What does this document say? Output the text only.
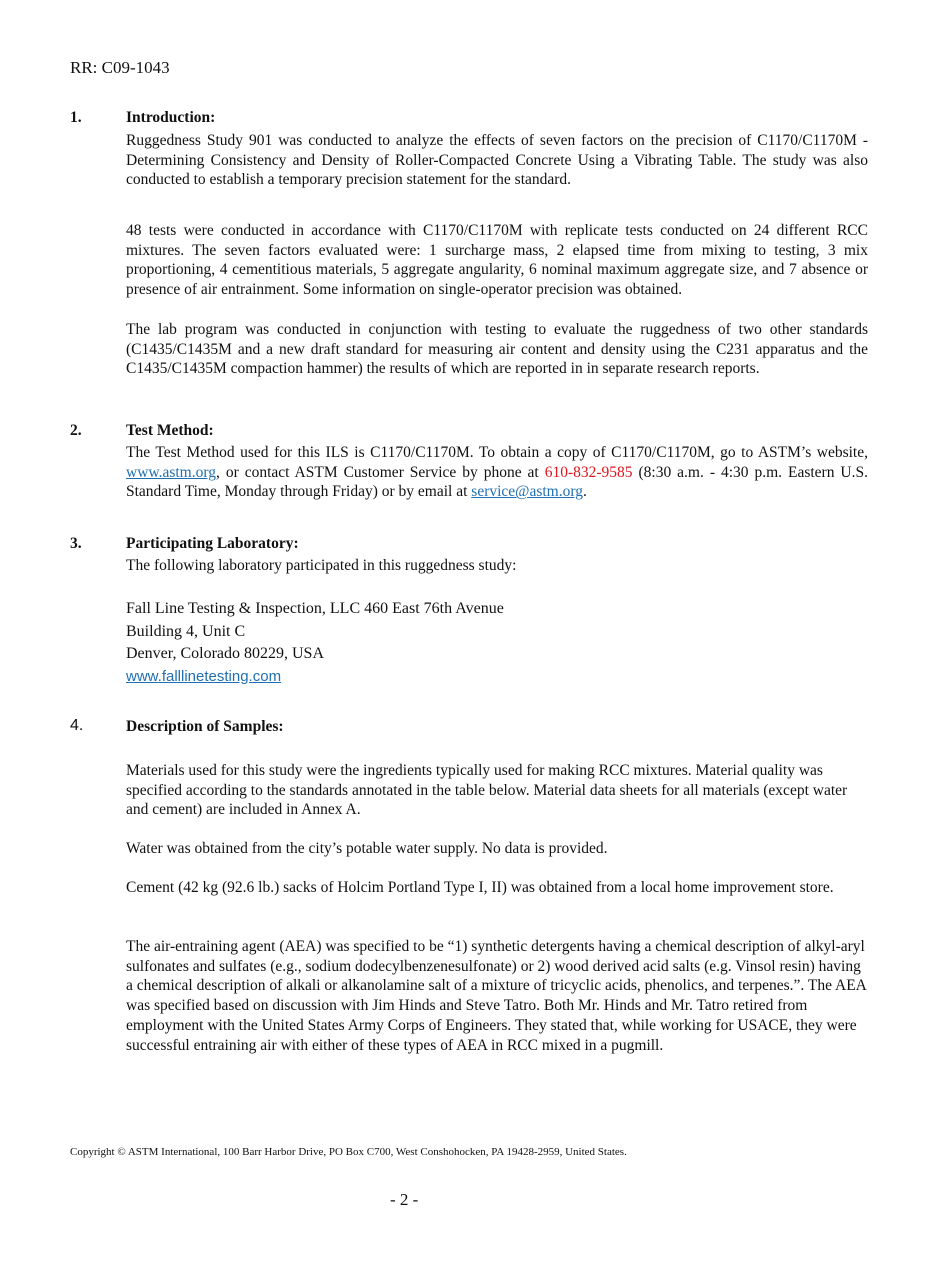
RR: C09-1043
1.	Introduction:

Ruggedness Study 901 was conducted to analyze the effects of seven factors on the precision of C1170/C1170M - Determining Consistency and Density of Roller-Compacted Concrete Using a Vibrating Table. The study was also conducted to establish a temporary precision statement for the standard.

48 tests were conducted in accordance with C1170/C1170M with replicate tests conducted on 24 different RCC mixtures. The seven factors evaluated were: 1 surcharge mass, 2 elapsed time from mixing to testing, 3 mix proportioning, 4 cementitious materials, 5 aggregate angularity, 6 nominal maximum aggregate size, and 7 absence or presence of air entrainment. Some information on single-operator precision was obtained.

The lab program was conducted in conjunction with testing to evaluate the ruggedness of two other standards (C1435/C1435M and a new draft standard for measuring air content and density using the C231 apparatus and the C1435/C1435M compaction hammer) the results of which are reported in in separate research reports.

2.	Test Method:

The Test Method used for this ILS is C1170/C1170M. To obtain a copy of C1170/C1170M, go to ASTM’s website, www.astm.org, or contact ASTM Customer Service by phone at 610-832-9585 (8:30 a.m. - 4:30 p.m. Eastern U.S. Standard Time, Monday through Friday) or by email at service@astm.org.

3.	Participating Laboratory:
The following laboratory participated in this ruggedness study:
Fall Line Testing & Inspection, LLC 460 East 76th Avenue
Building 4, Unit C
Denver, Colorado 80229, USA
www.falllinetesting.com
4.	Description of Samples:

Materials used for this study were the ingredients typically used for making RCC mixtures. Material quality was specified according to the standards annotated in the table below. Material data sheets for all materials (except water and cement) are included in Annex A.

Water was obtained from the city’s potable water supply. No data is provided.

Cement (42 kg (92.6 lb.) sacks of Holcim Portland Type I, II) was obtained from a local home improvement store.

The air-entraining agent (AEA) was specified to be “1) synthetic detergents having a chemical description of alkyl-aryl sulfonates and sulfates (e.g., sodium dodecylbenzenesulfonate) or 2) wood derived acid salts (e.g. Vinsol resin) having a chemical description of alkali or alkanolamine salt of a mixture of tricyclic acids, phenolics, and terpenes.”. The AEA was specified based on discussion with Jim Hinds and Steve Tatro. Both Mr. Hinds and Mr. Tatro retired from employment with the United States Army Corps of Engineers. They stated that, while working for USACE, they were successful entraining air with either of these types of AEA in RCC mixed in a pugmill.

Copyright © ASTM International, 100 Barr Harbor Drive, PO Box C700, West Conshohocken, PA 19428-2959, United States.
- 2 -
